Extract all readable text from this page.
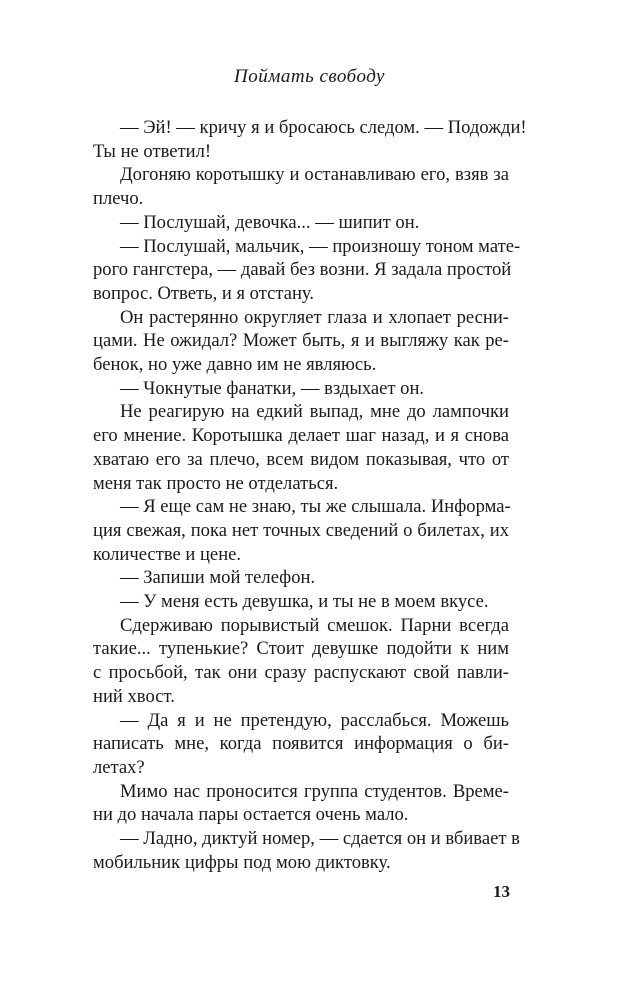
Поймать свободу
— Эй! — кричу я и бросаюсь следом. — Подожди!
Ты не ответил!
Догоняю коротышку и останавливаю его, взяв за
плечо.
— Послушай, девочка... — шипит он.
— Послушай, мальчик, — произношу тоном мате-
рого гангстера, — давай без возни. Я задала простой
вопрос. Ответь, и я отстану.
Он растерянно округляет глаза и хлопает ресни-
цами. Не ожидал? Может быть, я и выгляжу как ре-
бенок, но уже давно им не являюсь.
— Чокнутые фанатки, — вздыхает он.
Не реагирую на едкий выпад, мне до лампочки
его мнение. Коротышка делает шаг назад, и я снова
хватаю его за плечо, всем видом показывая, что от
меня так просто не отделаться.
— Я еще сам не знаю, ты же слышала. Информа-
ция свежая, пока нет точных сведений о билетах, их
количестве и цене.
— Запиши мой телефон.
— У меня есть девушка, и ты не в моем вкусе.
Сдерживаю порывистый смешок. Парни всегда
такие... тупенькие? Стоит девушке подойти к ним
с просьбой, так они сразу распускают свой павли-
ний хвост.
— Да я и не претендую, расслабься. Можешь
написать мне, когда появится информация о би-
летах?
Мимо нас проносится группа студентов. Време-
ни до начала пары остается очень мало.
— Ладно, диктуй номер, — сдается он и вбивает в
мобильник цифры под мою диктовку.
13
